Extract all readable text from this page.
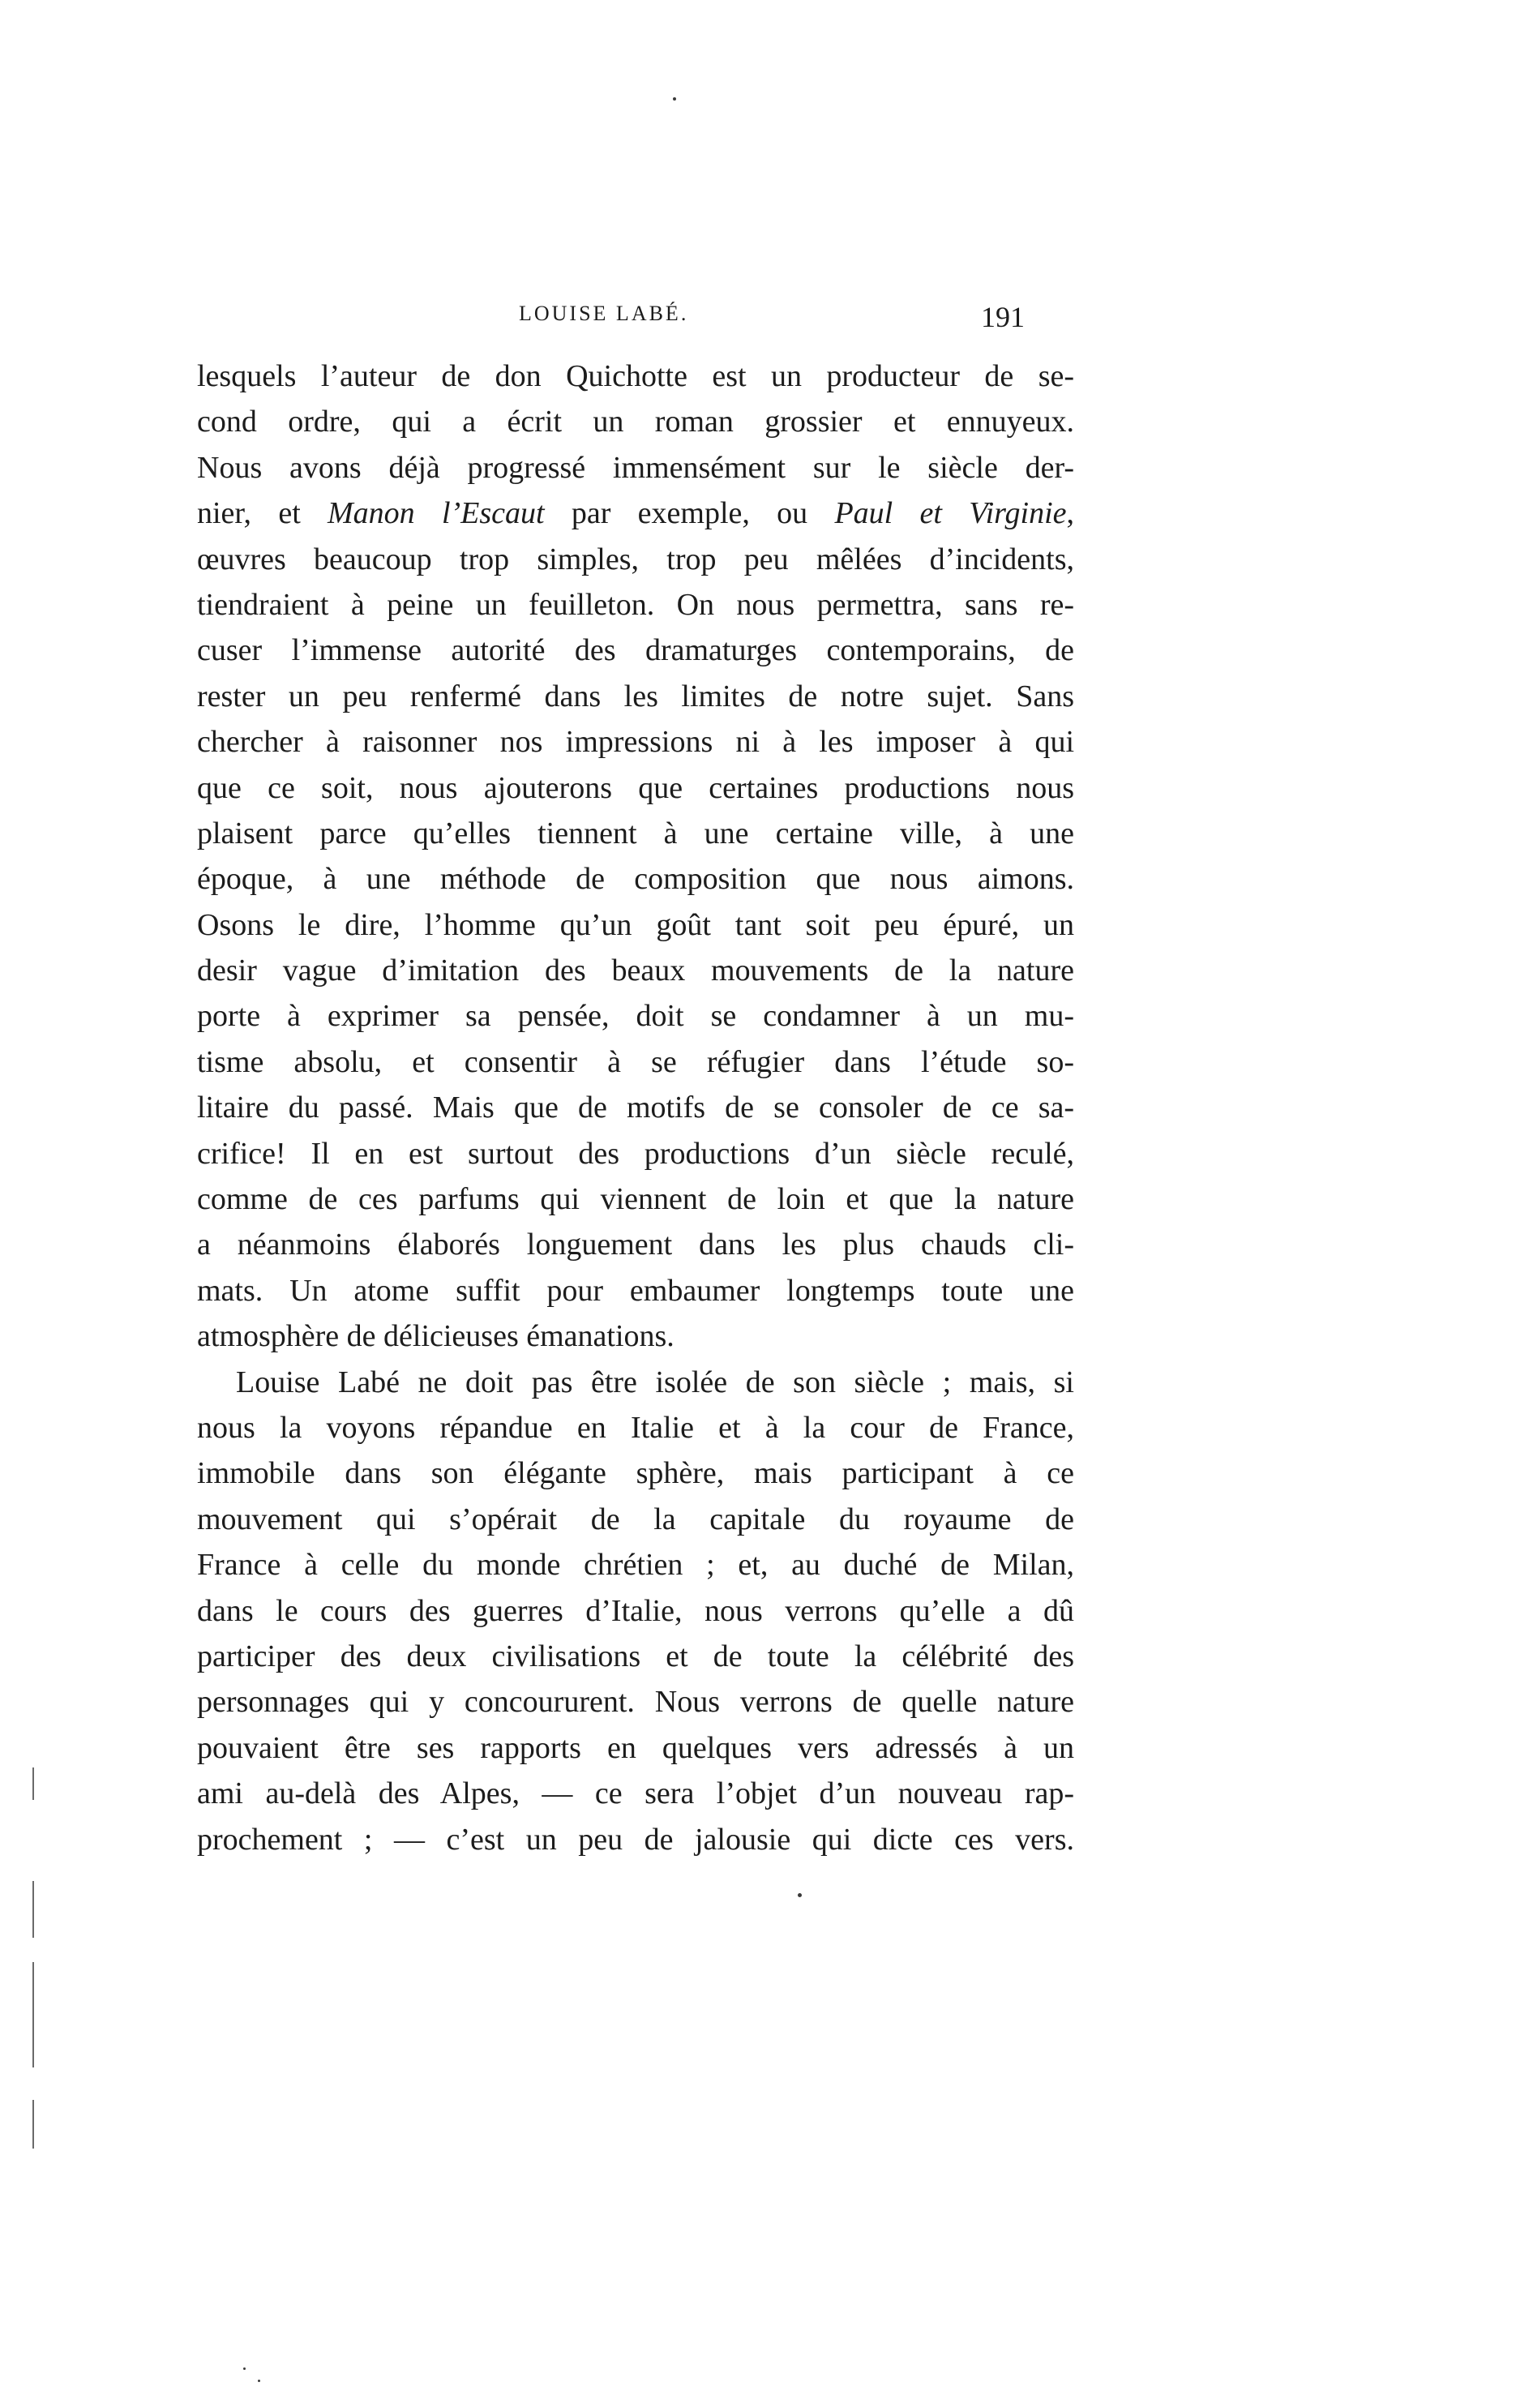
LOUISE LABÉ.	191
lesquels l’auteur de don Quichotte est un producteur de se-
cond ordre, qui a écrit un roman grossier et ennuyeux.
Nous avons déjà progressé immensément sur le siècle der-
nier, et Manon l’Escaut par exemple, ou Paul et Virginie,
œuvres beaucoup trop simples, trop peu mêlées d’incidents,
tiendraient à peine un feuilleton. On nous permettra, sans re-
cuser l’immense autorité des dramaturges contemporains, de
rester un peu renfermé dans les limites de notre sujet. Sans
chercher à raisonner nos impressions ni à les imposer à qui
que ce soit, nous ajouterons que certaines productions nous
plaisent parce qu’elles tiennent à une certaine ville, à une
époque, à une méthode de composition que nous aimons.
Osons le dire, l’homme qu’un goût tant soit peu épuré, un
desir vague d’imitation des beaux mouvements de la nature
porte à exprimer sa pensée, doit se condamner à un mu-
tisme absolu, et consentir à se réfugier dans l’étude so-
litaire du passé. Mais que de motifs de se consoler de ce sa-
crifice! Il en est surtout des productions d’un siècle reculé,
comme de ces parfums qui viennent de loin et que la nature
a néanmoins élaborés longuement dans les plus chauds cli-
mats. Un atome suffit pour embaumer longtemps toute une
atmosphère de délicieuses émanations.
Louise Labé ne doit pas être isolée de son siècle ; mais, si
nous la voyons répandue en Italie et à la cour de France,
immobile dans son élégante sphère, mais participant à ce
mouvement qui s’opérait de la capitale du royaume de
France à celle du monde chrétien ; et, au duché de Milan,
dans le cours des guerres d’Italie, nous verrons qu’elle a dû
participer des deux civilisations et de toute la célébrité des
personnages qui y concoururent. Nous verrons de quelle nature
pouvaient être ses rapports en quelques vers adressés à un
ami au-delà des Alpes, — ce sera l’objet d’un nouveau rap-
prochement ; — c’est un peu de jalousie qui dicte ces vers.
